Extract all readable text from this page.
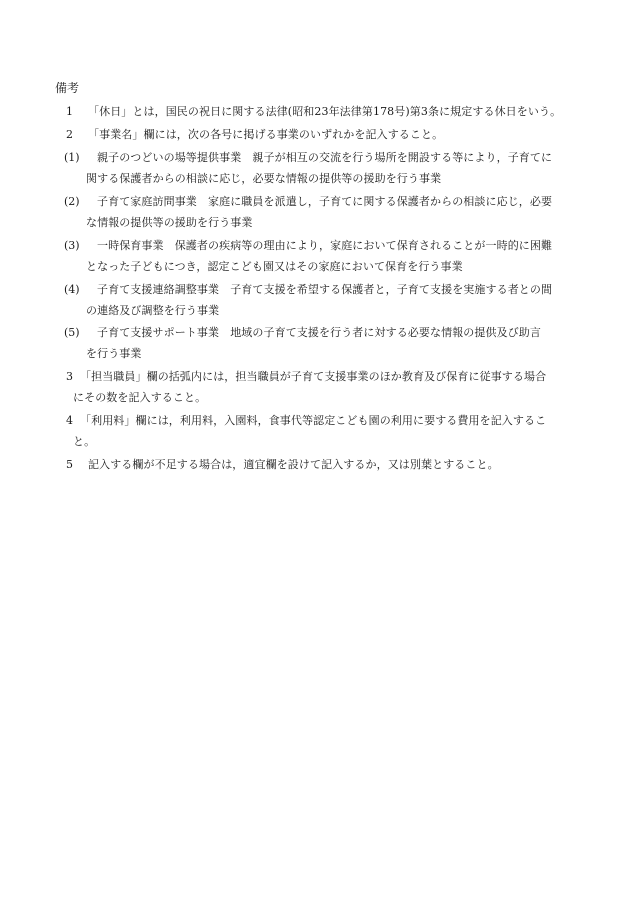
備考
1 「休日」とは，国民の祝日に関する法律(昭和23年法律第178号)第3条に規定する休日をいう。
2 「事業名」欄には，次の各号に掲げる事業のいずれかを記入すること。
(1) 親子のつどいの場等提供事業　親子が相互の交流を行う場所を開設する等により，子育てに
関する保護者からの相談に応じ，必要な情報の提供等の援助を行う事業
(2) 子育て家庭訪問事業　家庭に職員を派遣し，子育てに関する保護者からの相談に応じ，必要
な情報の提供等の援助を行う事業
(3) 一時保育事業　保護者の疾病等の理由により，家庭において保育されることが一時的に困難
となった子どもにつき，認定こども園又はその家庭において保育を行う事業
(4) 子育て支援連絡調整事業　子育て支援を希望する保護者と，子育て支援を実施する者との間
の連絡及び調整を行う事業
(5) 子育て支援サポート事業　地域の子育て支援を行う者に対する必要な情報の提供及び助言
を行う事業
3 「担当職員」欄の括弧内には，担当職員が子育て支援事業のほか教育及び保育に従事する場合
にその数を記入すること。
4 「利用料」欄には，利用料，入園料，食事代等認定こども園の利用に要する費用を記入するこ
と。
5 記入する欄が不足する場合は，適宜欄を設けて記入するか，又は別葉とすること。
